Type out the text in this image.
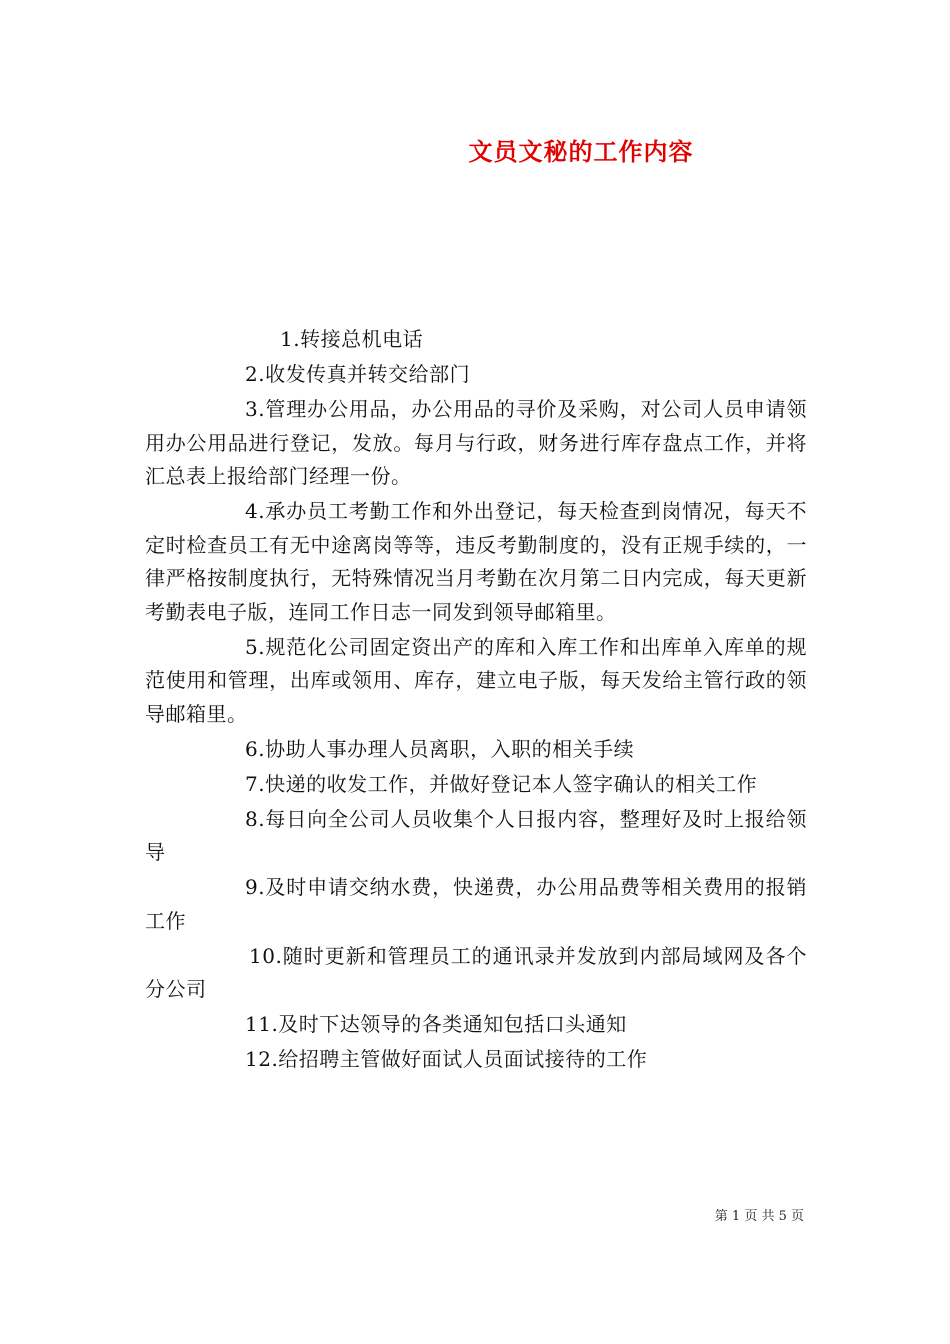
文员文秘的工作内容

1.转接总机电话

2.收发传真并转交给部门

3.管理办公用品，办公用品的寻价及采购，对公司人员申请领用办公用品进行登记，发放。每月与行政，财务进行库存盘点工作，并将汇总表上报给部门经理一份。

4.承办员工考勤工作和外出登记，每天检查到岗情况，每天不定时检查员工有无中途离岗等等，违反考勤制度的，没有正规手续的，一律严格按制度执行，无特殊情况当月考勤在次月第二日内完成，每天更新考勤表电子版，连同工作日志一同发到领导邮箱里。

5.规范化公司固定资出产的库和入库工作和出库单入库单的规范使用和管理，出库或领用、库存，建立电子版，每天发给主管行政的领导邮箱里。

6.协助人事办理人员离职，入职的相关手续

7.快递的收发工作，并做好登记本人签字确认的相关工作

8.每日向全公司人员收集个人日报内容，整理好及时上报给领导

9.及时申请交纳水费，快递费，办公用品费等相关费用的报销工作

10.随时更新和管理员工的通讯录并发放到内部局域网及各个分公司

11.及时下达领导的各类通知包括口头通知

12.给招聘主管做好面试人员面试接待的工作

第 1 页 共 5 页
